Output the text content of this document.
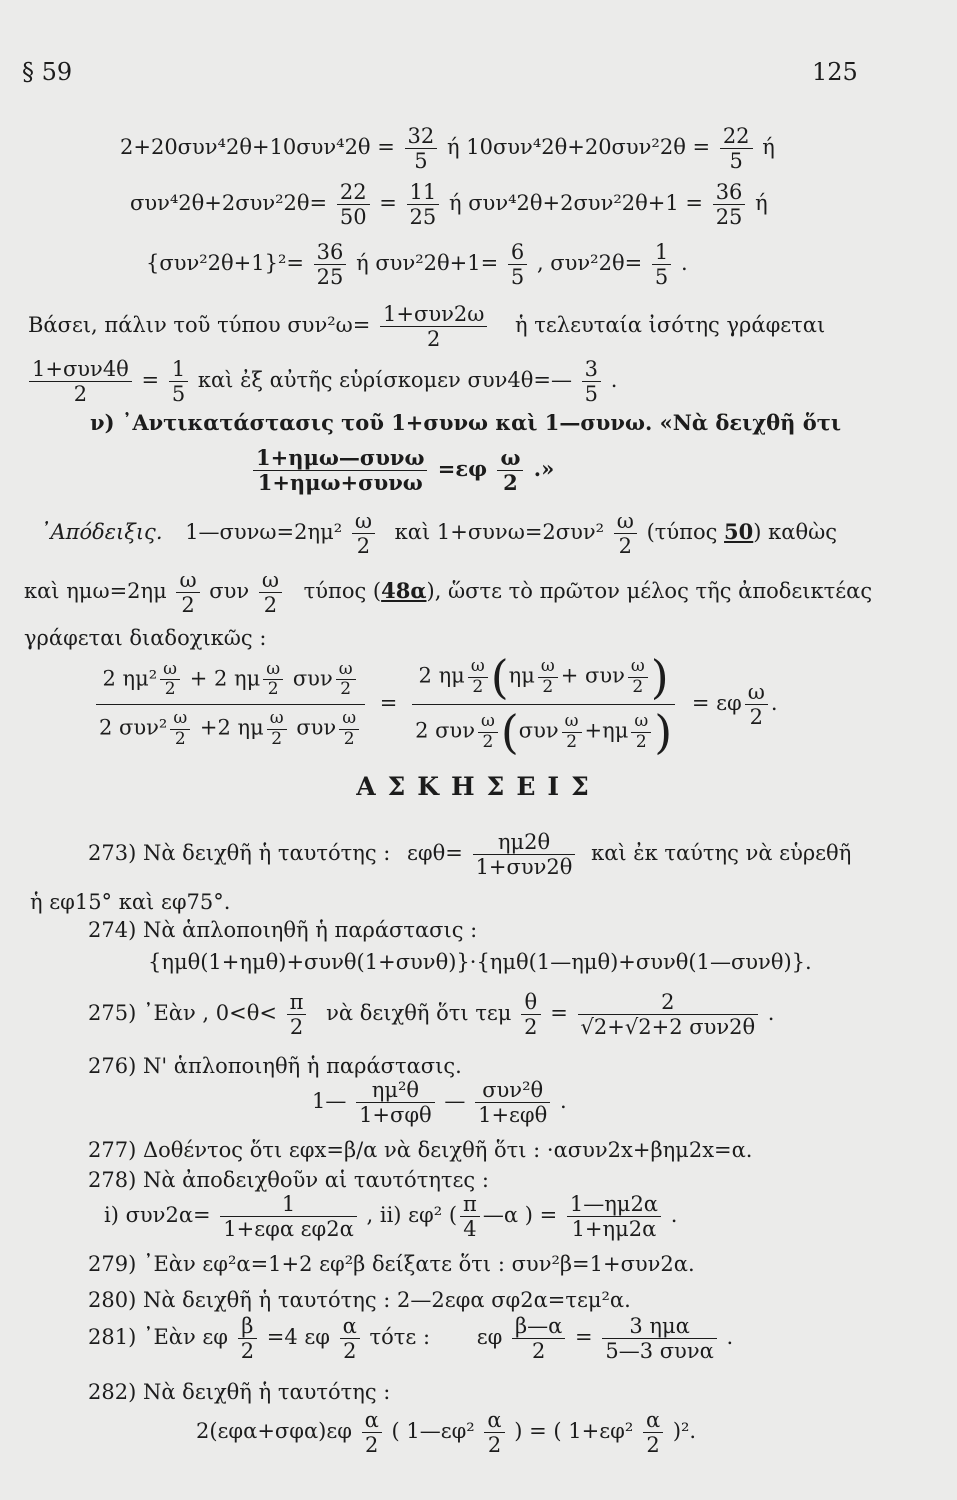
§ 59	125
$2+20\sigma\upsilon\nu^42\theta+10\sigma\upsilon\nu^42\theta = \frac{32}{5}$ ή $10\sigma\upsilon\nu^42\theta+20\sigma\upsilon\nu^22\theta = \frac{22}{5}$ ή
$\sigma\upsilon\nu^42\theta+2\sigma\upsilon\nu^22\theta= \frac{22}{50} = \frac{11}{25}$ ή $\sigma\upsilon\nu^42\theta+2\sigma\upsilon\nu^22\theta+1 = \frac{36}{25}$ ή
$\{\sigma\upsilon\nu^22\theta+1\}^2= \frac{36}{25}$ ή $\sigma\upsilon\nu^22\theta+1= \frac{6}{5}$ , $\sigma\upsilon\nu^22\theta= \frac{1}{5}$ .
Βάσει, πάλιν τοῦ τύπου συν²ω= 1+συν2ω
2
ἡ τελευταία ἰσότης γράφεται
1+συν4θ
2
= $\frac{1}{5}$ καὶ ἐξ αὐτῆς εὑρίσκομεν συν4θ=— $\frac{3}{5}$ .
ν) ᾿Αντικατάστασις τοῦ 1+συνω καὶ 1—συνω. «Νὰ δειχθῆ ὅτι
1+ημω—συνω
1+ημω+συνω
$=\varepsilon\varphi \frac{\omega}{2}$ .»
᾿Απόδειξις. 1—συνω=2ημ² $\frac{\omega}{2}$ καὶ $1+\sigma\upsilon\nu\omega=2\sigma\upsilon\nu^2 \frac{\omega}{2} (\tau ύ\pi o\varsigma$ 50) καθὼς
καὶ $\eta\mu\omega=2\eta\mu \frac{\omega}{2}$ συν $\frac{\omega}{2}$ τύπος (48α), ὥστε τὸ πρῶτον μέλος τῆς ἀποδεικτέας
γράφεται διαδοχικῶς :
2 $\eta\mu^2 \frac{\omega}{2} + 2$ ημ $\frac{\omega}{2}$ συν $\frac{\omega}{2}$
2 $\sigma\upsilon\nu^2 \frac{\omega}{2} +2$ ημ $\frac{\omega}{2}$ συν $\frac{\omega}{2}$
=
2 ημ $\frac{\omega}{2} (\eta\mu \frac{\omega}{2} + \sigma\upsilon\nu \frac{\omega}{2}$ )
2 συν $\frac{\omega}{2} (\sigma\upsilon\nu \frac{\omega}{2} +\eta\mu \frac{\omega}{2}$ )
= εφ $\frac{\omega}{2}$ .
ΑΣΚΗΣΕΙΣ
273) Νὰ δειχθῆ ἡ ταυτότης : εφθ=	ημ2θ
1+συν2θ
καὶ ἐκ ταύτης νὰ εὑρεθῆ
ἡ εφ15° καὶ εφ75°.
274) Νὰ ἁπλοποιηθῆ ἡ παράστασις :
{ημθ(1+ημθ)+συνθ(1+συνθ)}·{ημθ(1—ημθ)+συνθ(1—συνθ)}.
275) ᾿Εὰν , $0<\theta< \frac{\pi}{2}$ νὰ δειχθῆ ὅτι τεμ $\frac{\theta}{2}$ =	2
√2+√2+2 συν2θ
.
276) Ν' ἁπλοποιηθῆ ἡ παράστασις.
1—	ημ²θ
1+σφθ
— συν²θ
1+εφθ
.
277) Δοθέντος ὅτι εφx=β/α νὰ δειχθῆ ὅτι : ·ασυν2x+βημ2x=α.
278) Νὰ ἀποδειχθοῦν αἱ ταυτότητες :
i) συν2α=	1
1+εφα εφ2α
, ii) εφ² ( $\frac{\pi}{4}$ —α ) = $\frac{1—\eta\mu 2\alpha}{1+\eta\mu 2\alpha}$ .
279) ᾿Εὰν εφ²α=1+2 εφ²β δείξατε ὅτι : συν²β=1+συν2α.
280) Νὰ δειχθῆ ἡ ταυτότης : 2—2εφα σφ2α=τεμ²α.
281) ᾿Εὰν εφ $\frac{\beta}{2} =4$ εφ $\frac{\alpha}{2}$ τότε : εφ $\frac{\beta—\alpha}{2}$ =	3 ημα
5—3 συνα
.
282) Νὰ δειχθῆ ἡ ταυτότης :
$2(\varepsilon\varphi\alpha+\sigma\varphi\alpha)\varepsilon\varphi \frac{\alpha}{2}$ ( 1—εφ² $\frac{\alpha}{2}$ ) = ( $1+\varepsilon\varphi^2 \frac{\alpha}{2} )^2$.
